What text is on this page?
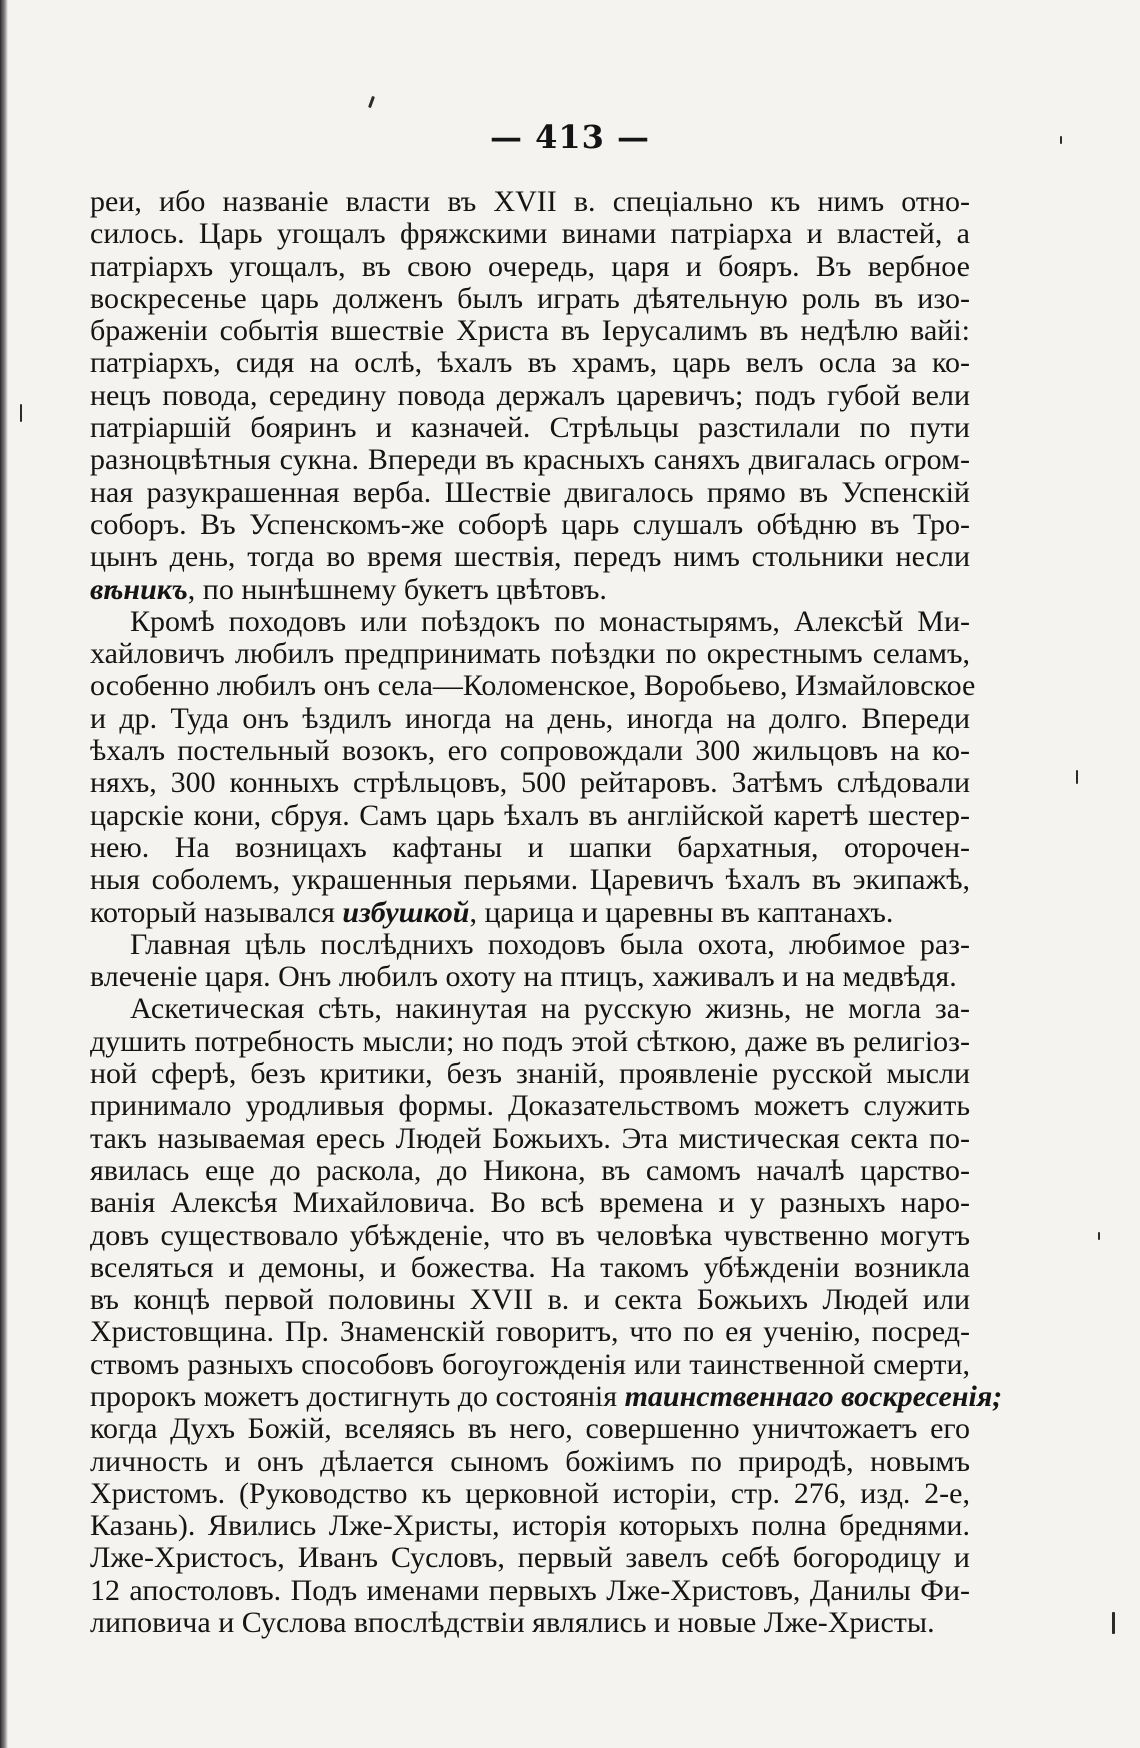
— 413 —
реи, ибо названіе власти въ XVII в. спеціально къ нимъ отно-
силось. Царь угощалъ фряжскими винами патріарха и властей, а
патріархъ угощалъ, въ свою очередь, царя и бояръ. Въ вербное
воскресенье царь долженъ былъ играть дѣятельную роль въ изо-
браженіи событія вшествіе Христа въ Іерусалимъ въ недѣлю вайі:
патріархъ, сидя на ослѣ, ѣхалъ въ храмъ, царь велъ осла за ко-
нецъ повода, середину повода держалъ царевичъ; подъ губой вели
патріаршій бояринъ и казначей. Стрѣльцы разстилали по пути
разноцвѣтныя сукна. Впереди въ красныхъ саняхъ двигалась огром-
ная разукрашенная верба. Шествіе двигалось прямо въ Успенскій
соборъ. Въ Успенскомъ-же соборѣ царь слушалъ обѣдню въ Тро-
цынъ день, тогда во время шествія, передъ нимъ стольники несли
вѣникъ, по нынѣшнему букетъ цвѣтовъ.
Кромѣ походовъ или поѣздокъ по монастырямъ, Алексѣй Ми-
хайловичъ любилъ предпринимать поѣздки по окрестнымъ селамъ,
особенно любилъ онъ села—Коломенское, Воробьево, Измайловское
и др. Туда онъ ѣздилъ иногда на день, иногда на долго. Впереди
ѣхалъ постельный возокъ, его сопровождали 300 жильцовъ на ко-
няхъ, 300 конныхъ стрѣльцовъ, 500 рейтаровъ. Затѣмъ слѣдовали
царскіе кони, сбруя. Самъ царь ѣхалъ въ англійской каретѣ шестер-
нею. На возницахъ кафтаны и шапки бархатныя, оторочен-
ныя соболемъ, украшенныя перьями. Царевичъ ѣхалъ въ экипажѣ,
который назывался избушкой, царица и царевны въ каптанахъ.
Главная цѣль послѣднихъ походовъ была охота, любимое раз-
влеченіе царя. Онъ любилъ охоту на птицъ, хаживалъ и на медвѣдя.
Аскетическая сѣть, накинутая на русскую жизнь, не могла за-
душить потребность мысли; но подъ этой сѣткою, даже въ религіоз-
ной сферѣ, безъ критики, безъ знаній, проявленіе русской мысли
принимало уродливыя формы. Доказательствомъ можетъ служить
такъ называемая ересь Людей Божьихъ. Эта мистическая секта по-
явилась еще до раскола, до Никона, въ самомъ началѣ царство-
ванія Алексѣя Михайловича. Во всѣ времена и у разныхъ наро-
довъ существовало убѣжденіе, что въ человѣка чувственно могутъ
вселяться и демоны, и божества. На такомъ убѣжденіи возникла
въ концѣ первой половины XVII в. и секта Божьихъ Людей или
Христовщина. Пр. Знаменскій говоритъ, что по ея ученію, посред-
ствомъ разныхъ способовъ богоугожденія или таинственной смерти,
пророкъ можетъ достигнуть до состоянія таинственнаго воскресенія;
когда Духъ Божій, вселяясь въ него, совершенно уничтожаетъ его
личность и онъ дѣлается сыномъ божіимъ по природѣ, новымъ
Христомъ. (Руководство къ церковной исторіи, стр. 276, изд. 2-е,
Казань). Явились Лже-Христы, исторія которыхъ полна бреднями.
Лже-Христосъ, Иванъ Сусловъ, первый завелъ себѣ богородицу и
12 апостоловъ. Подъ именами первыхъ Лже-Христовъ, Данилы Фи-
липовича и Суслова впослѣдствіи являлись и новые Лже-Христы.
